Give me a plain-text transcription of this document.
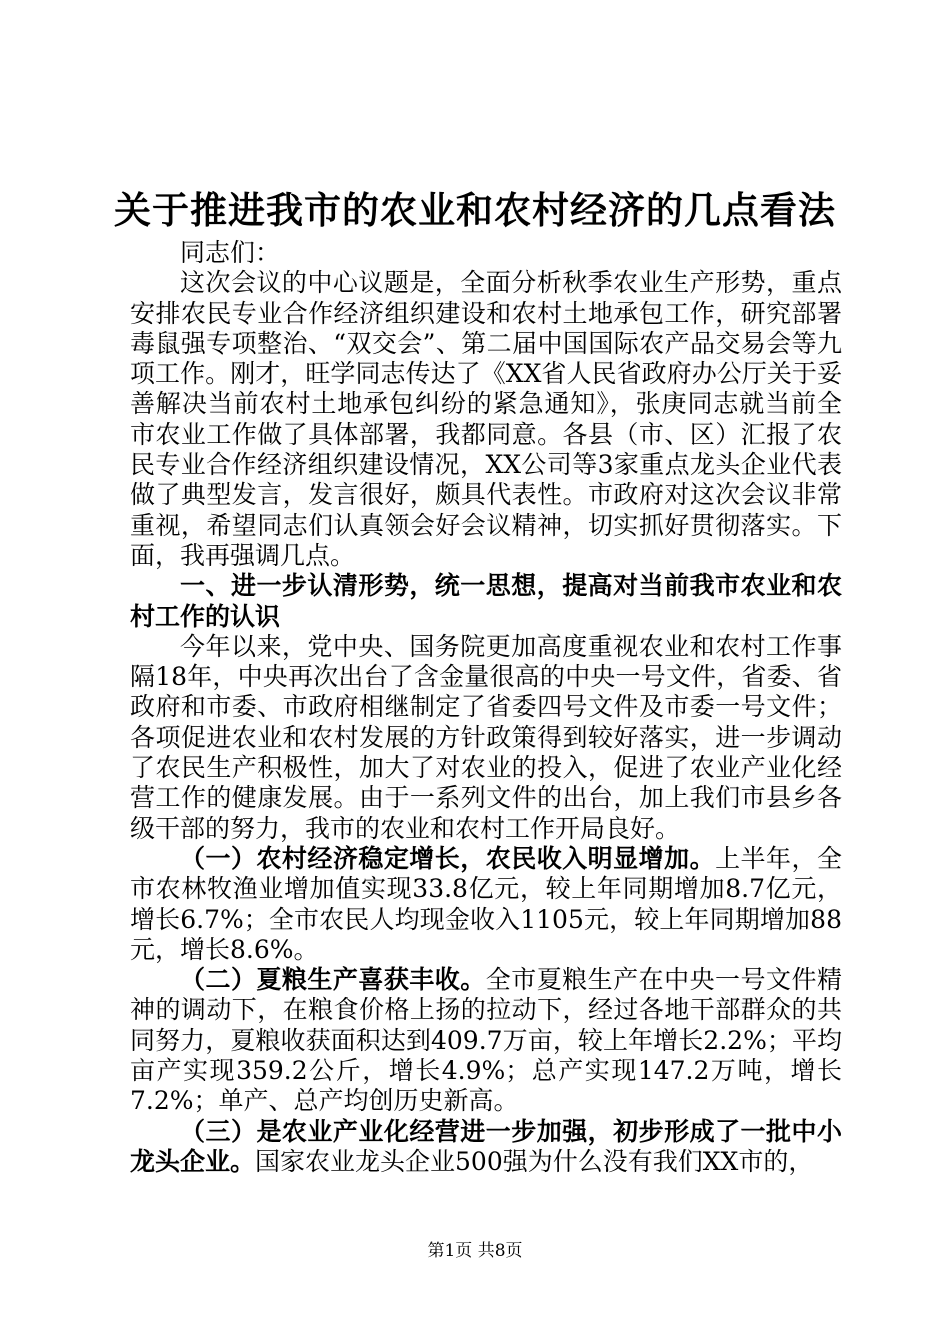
关于推进我市的农业和农村经济的几点看法

同志们：

这次会议的中心议题是，全面分析秋季农业生产形势，重点安排农民专业合作经济组织建设和农村土地承包工作，研究部署毒鼠强专项整治、“双交会”、第二届中国国际农产品交易会等九项工作。刚才，旺学同志传达了《XX省人民省政府办公厅关于妥善解决当前农村土地承包纠纷的紧急通知》，张庚同志就当前全市农业工作做了具体部署，我都同意。各县（市、区）汇报了农民专业合作经济组织建设情况，XX公司等3家重点龙头企业代表做了典型发言，发言很好，颇具代表性。市政府对这次会议非常重视，希望同志们认真领会好会议精神，切实抓好贯彻落实。下面，我再强调几点。

一、进一步认清形势，统一思想，提高对当前我市农业和农村工作的认识

今年以来，党中央、国务院更加高度重视农业和农村工作事隔18年，中央再次出台了含金量很高的中央一号文件，省委、省政府和市委、市政府相继制定了省委四号文件及市委一号文件；各项促进农业和农村发展的方针政策得到较好落实，进一步调动了农民生产积极性，加大了对农业的投入，促进了农业产业化经营工作的健康发展。由于一系列文件的出台，加上我们市县乡各级干部的努力，我市的农业和农村工作开局良好。

（一）农村经济稳定增长，农民收入明显增加。上半年，全市农林牧渔业增加值实现33.8亿元，较上年同期增加8.7亿元，增长6.7%；全市农民人均现金收入1105元，较上年同期增加88元，增长8.6%。

（二）夏粮生产喜获丰收。全市夏粮生产在中央一号文件精神的调动下，在粮食价格上扬的拉动下，经过各地干部群众的共同努力，夏粮收获面积达到409.7万亩，较上年增长2.2%；平均亩产实现359.2公斤，增长4.9%；总产实现147.2万吨，增长7.2%；单产、总产均创历史新高。

（三）是农业产业化经营进一步加强，初步形成了一批中小龙头企业。国家农业龙头企业500强为什么没有我们XX市的，

第1页 共8页
